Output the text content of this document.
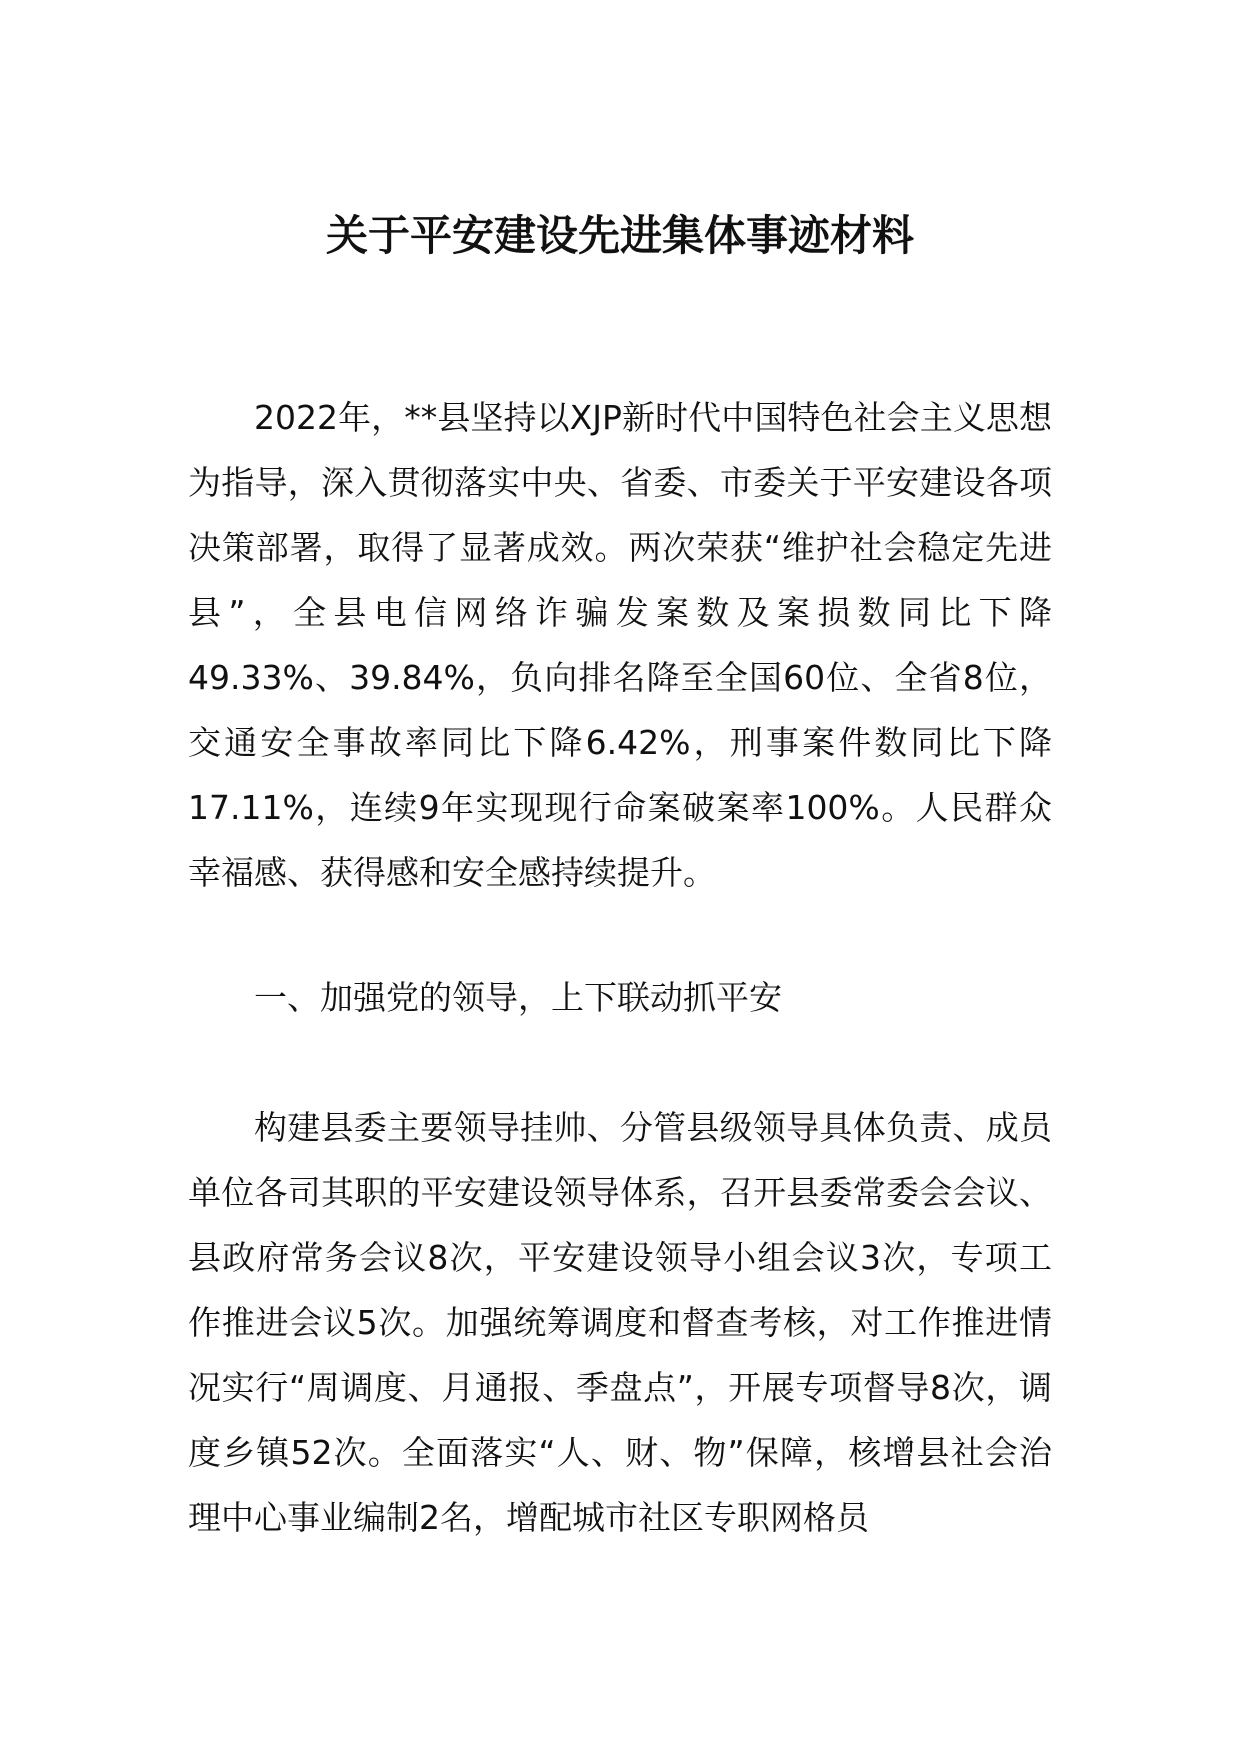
关于平安建设先进集体事迹材料

2022年，**县坚持以XJP新时代中国特色社会主义思想为指导，深入贯彻落实中央、省委、市委关于平安建设各项决策部署，取得了显著成效。两次荣获“维护社会稳定先进县”，全县电信网络诈骗发案数及案损数同比下降49.33%、39.84%，负向排名降至全国60位、全省8位，交通安全事故率同比下降6.42%，刑事案件数同比下降17.11%，连续9年实现现行命案破案率100%。人民群众幸福感、获得感和安全感持续提升。

一、加强党的领导，上下联动抓平安

构建县委主要领导挂帅、分管县级领导具体负责、成员单位各司其职的平安建设领导体系，召开县委常委会会议、县政府常务会议8次，平安建设领导小组会议3次，专项工作推进会议5次。加强统筹调度和督查考核，对工作推进情况实行“周调度、月通报、季盘点”，开展专项督导8次，调度乡镇52次。全面落实“人、财、物”保障，核增县社会治理中心事业编制2名，增配城市社区专职网格员
